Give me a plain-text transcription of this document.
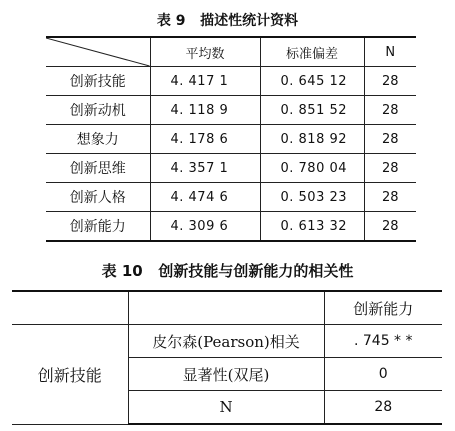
表 9   描述性统计资料
	平均数	标准偏差	N
创新技能	4. 417 1	0. 645 12	28
创新动机	4. 118 9	0. 851 52	28
想象力	4. 178 6	0. 818 92	28
创新思维	4. 357 1	0. 780 04	28
创新人格	4. 474 6	0. 503 23	28
创新能力	4. 309 6	0. 613 32	28
表 10   创新技能与创新能力的相关性
		创新能力
创新技能	皮尔森(Pearson)相关	. 745 * *
	显著性(双尾)	0
	N	28
